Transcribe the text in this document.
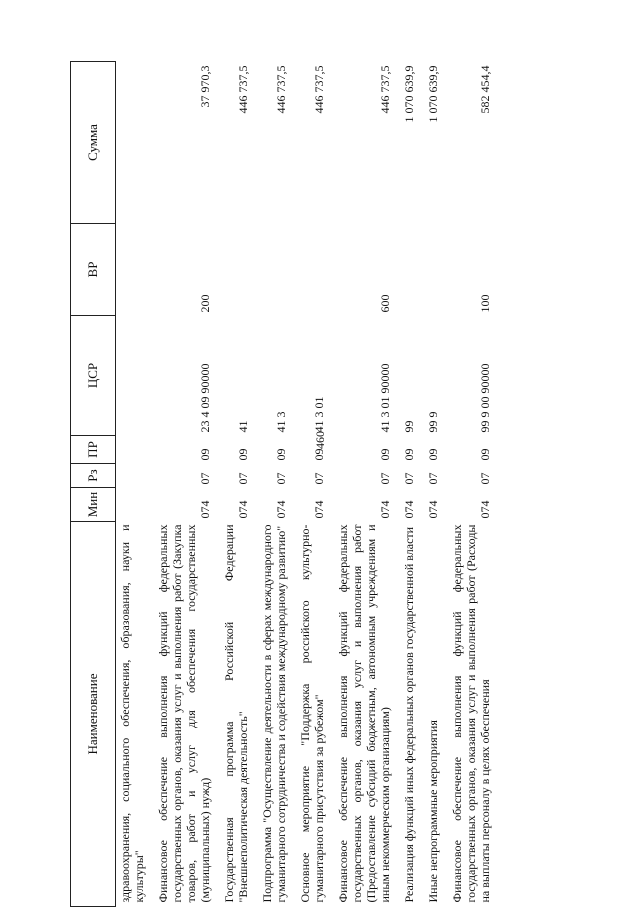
460
Наименование	Мин	Рз	ПР	ЦСР	ВР	Сумма
здравоохранения, социального обеспечения, образования, науки и культуры"						
Финансовое обеспечение выполнения функций федеральных государственных органов, оказания услуг и выполнения работ (Закупка товаров, работ и услуг для обеспечения государственных (муниципальных) нужд)	074	07	09	23 4 09 90000	200	37 970,3
Государственная программа Российской Федерации "Внешнеполитическая деятельность"	074	07	09	41		446 737,5
Подпрограмма "Осуществление деятельности в сферах международного гуманитарного сотрудничества и содействия международному развитию"	074	07	09	41 3		446 737,5
Основное мероприятие "Поддержка российского культурно-гуманитарного присутствия за рубежом"	074	07	09	41 3 01		446 737,5
Финансовое обеспечение выполнения функций федеральных государственных органов, оказания услуг и выполнения работ (Предоставление субсидий бюджетным, автономным учреждениям и иным некоммерческим организациям)	074	07	09	41 3 01 90000	600	446 737,5
Реализация функций иных федеральных органов государственной власти	074	07	09	99		1 070 639,9
Иные непрограммные мероприятия	074	07	09	99 9		1 070 639,9
Финансовое обеспечение выполнения функций федеральных государственных органов, оказания услуг и выполнения работ (Расходы на выплаты персоналу в целях обеспечения	074	07	09	99 9 00 90000	100	582 454,4
